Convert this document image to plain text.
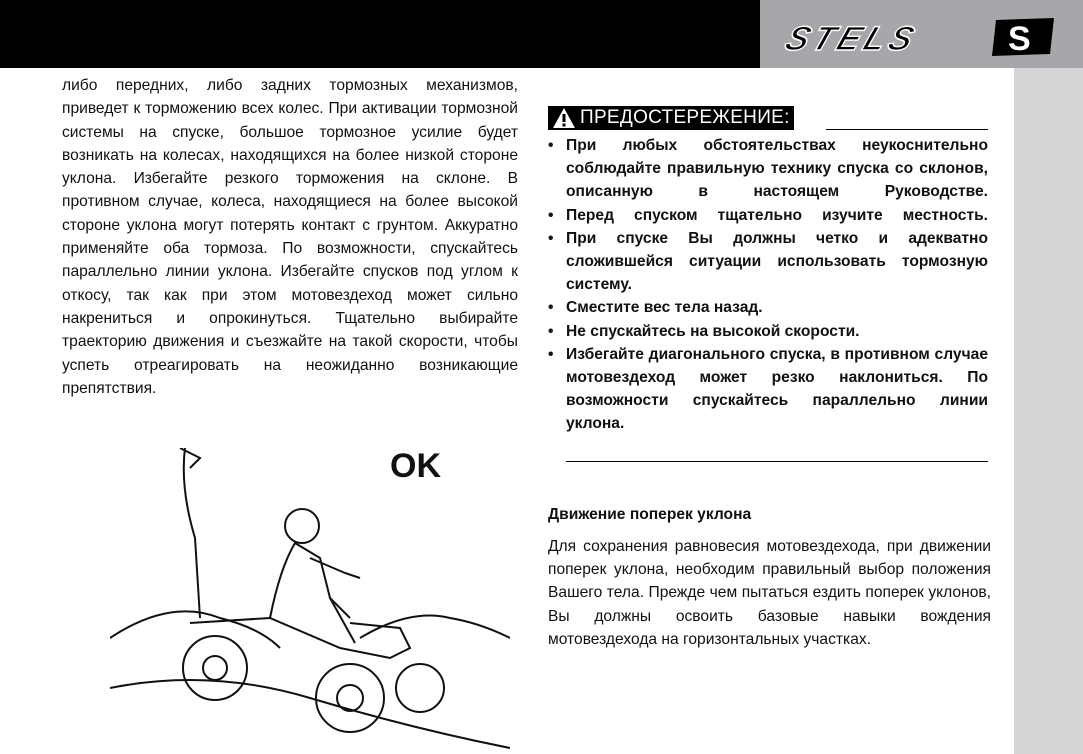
STELS S

либо передних, либо задних тормозных механизмов, приведет к торможению всех колес. При активации тормозной системы на спуске, большое тормозное усилие будет возникать на колесах, находящихся на более низкой стороне уклона. Избегайте резкого торможения на склоне. В противном случае, колеса, находящиеся на более высокой стороне уклона могут потерять контакт с грунтом. Аккуратно применяйте оба тормоза. По возможности, спускайтесь параллельно линии уклона. Избегайте спусков под углом к откосу, так как при этом мотовездеход может сильно накрениться и опрокинуться. Тщательно выбирайте траекторию движения и съезжайте на такой скорости, чтобы успеть отреагировать на неожиданно возникающие препятствия.

OK
ПРЕДОСТЕРЕЖЕНИЕ:
• При любых обстоятельствах неукоснительно соблюдайте правильную технику спуска со склонов, описанную в настоящем Руководстве.
• Перед спуском тщательно изучите местность.
• При спуске Вы должны четко и адекватно сложившейся ситуации использовать тормозную систему.
• Сместите вес тела назад.
• Не спускайтесь на высокой скорости.
• Избегайте диагонального спуска, в противном случае мотовездеход может резко наклониться. По возможности спускайтесь параллельно линии уклона.
Движение поперек уклона

Для сохранения равновесия мотовездехода, при движении поперек уклона, необходим правильный выбор положения Вашего тела. Прежде чем пытаться ездить поперек уклонов, Вы должны освоить базовые навыки вождения мотовездехода на горизонтальных участках.
